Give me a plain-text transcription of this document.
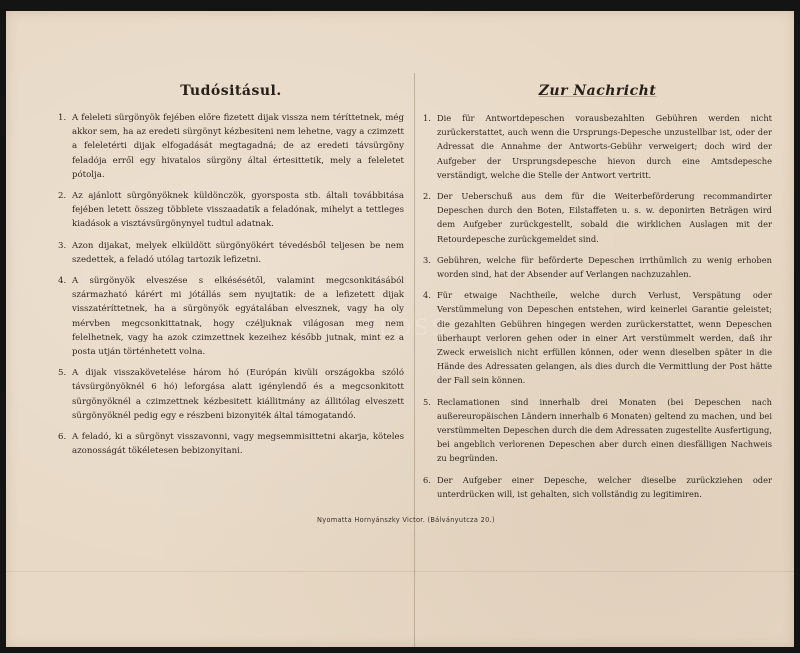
Tudósitásul.
1. A feleleti sürgönyök fejében előre fizetett dijak vissza nem téríttetnek, még akkor sem, ha az eredeti sürgönyt kézbesiteni nem lehetne, vagy a czimzett a feleletérti dijak elfogadását megtagadná; de az eredeti távsürgöny feladója erről egy hivatalos sürgöny által értesittetik, mely a feleletet pótolja.
2. Az ajánlott sürgönyöknek küldönczök, gyorsposta stb. általi továbbitása fejében letett összeg többlete visszaadatik a feladónak, mihelyt a tettleges kiadások a visztávsürgönynyel tudtul adatnak.
3. Azon dijakat, melyek elküldött sürgönyökért tévedésből teljesen be nem szedettek, a feladó utólag tartozik lefizetni.
4. A sürgönyök elveszése s elkésésétől, valamint megcsonkitásából származható kárért mi jótállás sem nyujtatik: de a lefizetett dijak visszatéríttetnek, ha a sürgönyök egyátalában elvesznek, vagy ha oly mérvben megcsonkittatnak, hogy czéljuknak világosan meg nem felelhetnek, vagy ha azok czimzettnek kezeihez később jutnak, mint ez a posta utján történhetett volna.
5. A dijak visszakövetelése három hó (Európán kivüli országokba szóló távsürgönyöknél 6 hó) leforgása alatt igénylendő és a megcsonkitott sürgönyöknél a czimzettnek kézbesitett kiállitmány az állitólag elveszett sürgönyöknél pedig egy e részbeni bizonyiték által támogatandó.
6. A feladó, ki a sürgönyt visszavonni, vagy megsemmisittetni akarja, köteles azonosságát tökéletesen bebizonyitani.
Zur Nachricht
1. Die für Antwortdepeschen vorausbezahlten Gebühren werden nicht zurückerstattet, auch wenn die Ursprungs-Depesche unzustellbar ist, oder der Adressat die Annahme der Antworts-Gebühr verweigert; doch wird der Aufgeber der Ursprungsdepesche hievon durch eine Amtsdepesche verständigt, welche die Stelle der Antwort vertritt.
2. Der Ueberschuß aus dem für die Weiterbeförderung recommandirter Depeschen durch den Boten, Eilstaffeten u. s. w. deponirten Beträgen wird dem Aufgeber zurückgestellt, sobald die wirklichen Auslagen mit der Retourdepesche zurückgemeldet sind.
3. Gebühren, welche für beförderte Depeschen irrthümlich zu wenig erhoben worden sind, hat der Absender auf Verlangen nachzuzahlen.
4. Für etwaige Nachtheile, welche durch Verlust, Verspätung oder Verstümmelung von Depeschen entstehen, wird keinerlei Garantie geleistet; die gezahlten Gebühren hingegen werden zurückerstattet, wenn Depeschen überhaupt verloren gehen oder in einer Art verstümmelt werden, daß ihr Zweck erweislich nicht erfüllen können, oder wenn dieselben später in die Hände des Adressaten gelangen, als dies durch die Vermittlung der Post hätte der Fall sein können.
5. Reclamationen sind innerhalb drei Monaten (bei Depeschen nach außereuropäischen Ländern innerhalb 6 Monaten) geltend zu machen, und bei verstümmelten Depeschen durch die dem Adressaten zugestellte Ausfertigung, bei angeblich verlorenen Depeschen aber durch einen diesfälligen Nachweis zu begründen.
6. Der Aufgeber einer Depesche, welcher dieselbe zurückziehen oder unterdrücken will, ist gehalten, sich vollständig zu legitimiren.
Nyomatta Hornyánszky Victor. (Bálványutcza 20.)
FLOSS
